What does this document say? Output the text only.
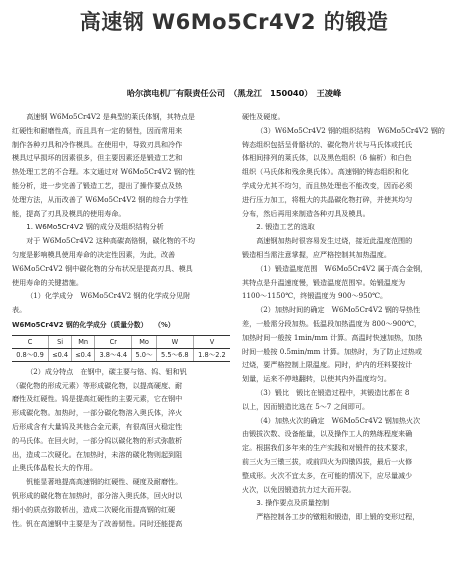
高速钢 W6Mo5Cr4V2 的锻造
哈尔滨电机厂有限责任公司　 （黑龙江　150040）　 王凌峰

高速钢 W6Mo5Cr4V2 是典型的莱氏体钢，其特点是

红硬性和耐磨性高，而且具有一定的韧性，因而常用来

制作各种刃具和冷作模具。在使用中，导致刃具和冷作

模具过早损坏的因素很多，但主要因素还是锻造工艺和

热处理工艺的不合理。本文通过对 W6Mo5Cr4V2 钢的性

能分析，进一步完善了锻造工艺，提出了操作要点及热

处理方法，从而改善了 W6Mo5Cr4V2 钢的综合力学性

能，提高了刃具及模具的使用寿命。

1. W6Mo5Cr4V2 钢的成分及组织结构分析

对于 W6Mo5Cr4V2 这种高碳高铬钢，碳化物的不均

匀度是影响模具使用寿命的决定性因素，为此，改善

W6Mo5Cr4V2 钢中碳化物的分布状况是提高刃具、模具

使用寿命的关键措施。

（1）化学成分　W6Mo5Cr4V2 钢的化学成分见附

表。

W6Mo5Cr4V2 钢的化学成分（质量分数）　　（%）
C	Si	Mn	Cr	Mo	W	V
0.8～0.9	≤0.4	≤0.4	3.8～4.4	5.0～	5.5～6.8	1.8～2.2

（2）成分特点　在钢中，碳主要与铬、钨、钼和钒

（碳化物的形成元素）等形成碳化物，以提高硬度、耐

磨性及红硬性。钨是提高红硬性的主要元素，它在钢中

形成碳化物。加热时，一部分碳化物溶入奥氏体，淬火

后形成含有大量钨及其他合金元素，有很高回火稳定性

的马氏体。在回火时，一部分钨以碳化物的形式弥散析

出，造成二次硬化。在加热时，未溶的碳化物则起到阻

止奥氏体晶粒长大的作用。

钒能显著地提高高速钢的红硬性、硬度及耐磨性。

钒形成的碳化物在加热时，部分溶入奥氏体，回火时以

细小的质点弥散析出，造成二次硬化而提高钢的红硬

性。钒在高速钢中主要是为了改善韧性。同时还能提高

硬性及硬度。

（3）W6Mo5Cr4V2 钢的组织结构　W6Mo5Cr4V2 钢的

铸态组织包括呈骨骼状的、碳化物片状与马氏体或托氏

体相间排列的莱氏体，以及黑色组织（δ 偏析）和白色

组织（马氏体和残余奥氏体）。高速钢的铸态组织和化

学成分尤其不均匀，而且热处理也不能改变，因而必须

进行压力加工，将粗大的共晶碳化物打碎，并使其均匀

分布，然后再用来制造各种刃具及模具。

2. 锻造工艺的选取

高速钢加热时很容易发生过烧，接近此温度范围的

锻造相当需注意掌握，应严格控制其加热温度。

（1）锻造温度范围　W6Mo5Cr4V2 属于高合金钢，

其特点是升温速度慢，锻造温度范围窄。始锻温度为

1100～1150℃，终锻温度为 900～950℃。

（2）加热时间的确定　W6Mo5Cr4V2 钢的导热性

差，一般需分段加热。低温段加热温度为 800～900℃，

加热时间一般按 1min/mm 计算。高温时快速加热，加热

时间一般按 0.5min/mm 计算。加热时，为了防止过热或

过烧，要严格控制上限温度。同时，炉内的坯料要按计

划量，运来不停地翻转，以使其内外温度均匀。

（3）锻比　锻比在锻造过程中，其锻造比都在 8

以上，因而锻造比选在 5～7 之间即可。

（4）加热火次的确定　W6Mo5Cr4V2 钢加热火次

由锻拔次数、设备能量，以及操作工人的熟练程度来确

定。根据我们多年来的生产实践和对锻件的技术要求，

前三火为三镦三拔，或前四火为四镦四拔，最后一火修

整成形。火次不宜太多，在可能的情况下，应尽量减少

火次，以免因锻造抗力过大而开裂。

3. 操作要点及质量控制

严格控制各工步的镦粗和锻造，即上锻的变形过程，
